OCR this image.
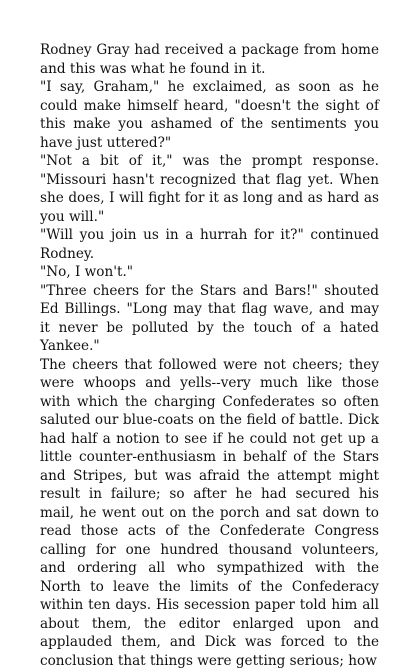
Rodney Gray had received a package from home and this was what he found in it.

"I say, Graham," he exclaimed, as soon as he could make himself heard, "doesn't the sight of this make you ashamed of the sentiments you have just uttered?"

"Not a bit of it," was the prompt response. "Missouri hasn't recognized that flag yet. When she does, I will fight for it as long and as hard as you will."

"Will you join us in a hurrah for it?" continued Rodney.

"No, I won't."

"Three cheers for the Stars and Bars!" shouted Ed Billings. "Long may that flag wave, and may it never be polluted by the touch of a hated Yankee."

The cheers that followed were not cheers; they were whoops and yells--very much like those with which the charging Confederates so often saluted our blue-coats on the field of battle. Dick had half a notion to see if he could not get up a little counter-enthusiasm in behalf of the Stars and Stripes, but was afraid the attempt might result in failure; so after he had secured his mail, he went out on the porch and sat down to read those acts of the Confederate Congress calling for one hundred thousand volunteers, and ordering all who sympathized with the North to leave the limits of the Confederacy within ten days. His secession paper told him all about them, the editor enlarged upon and applauded them, and Dick was forced to the conclusion that things were getting serious; how
